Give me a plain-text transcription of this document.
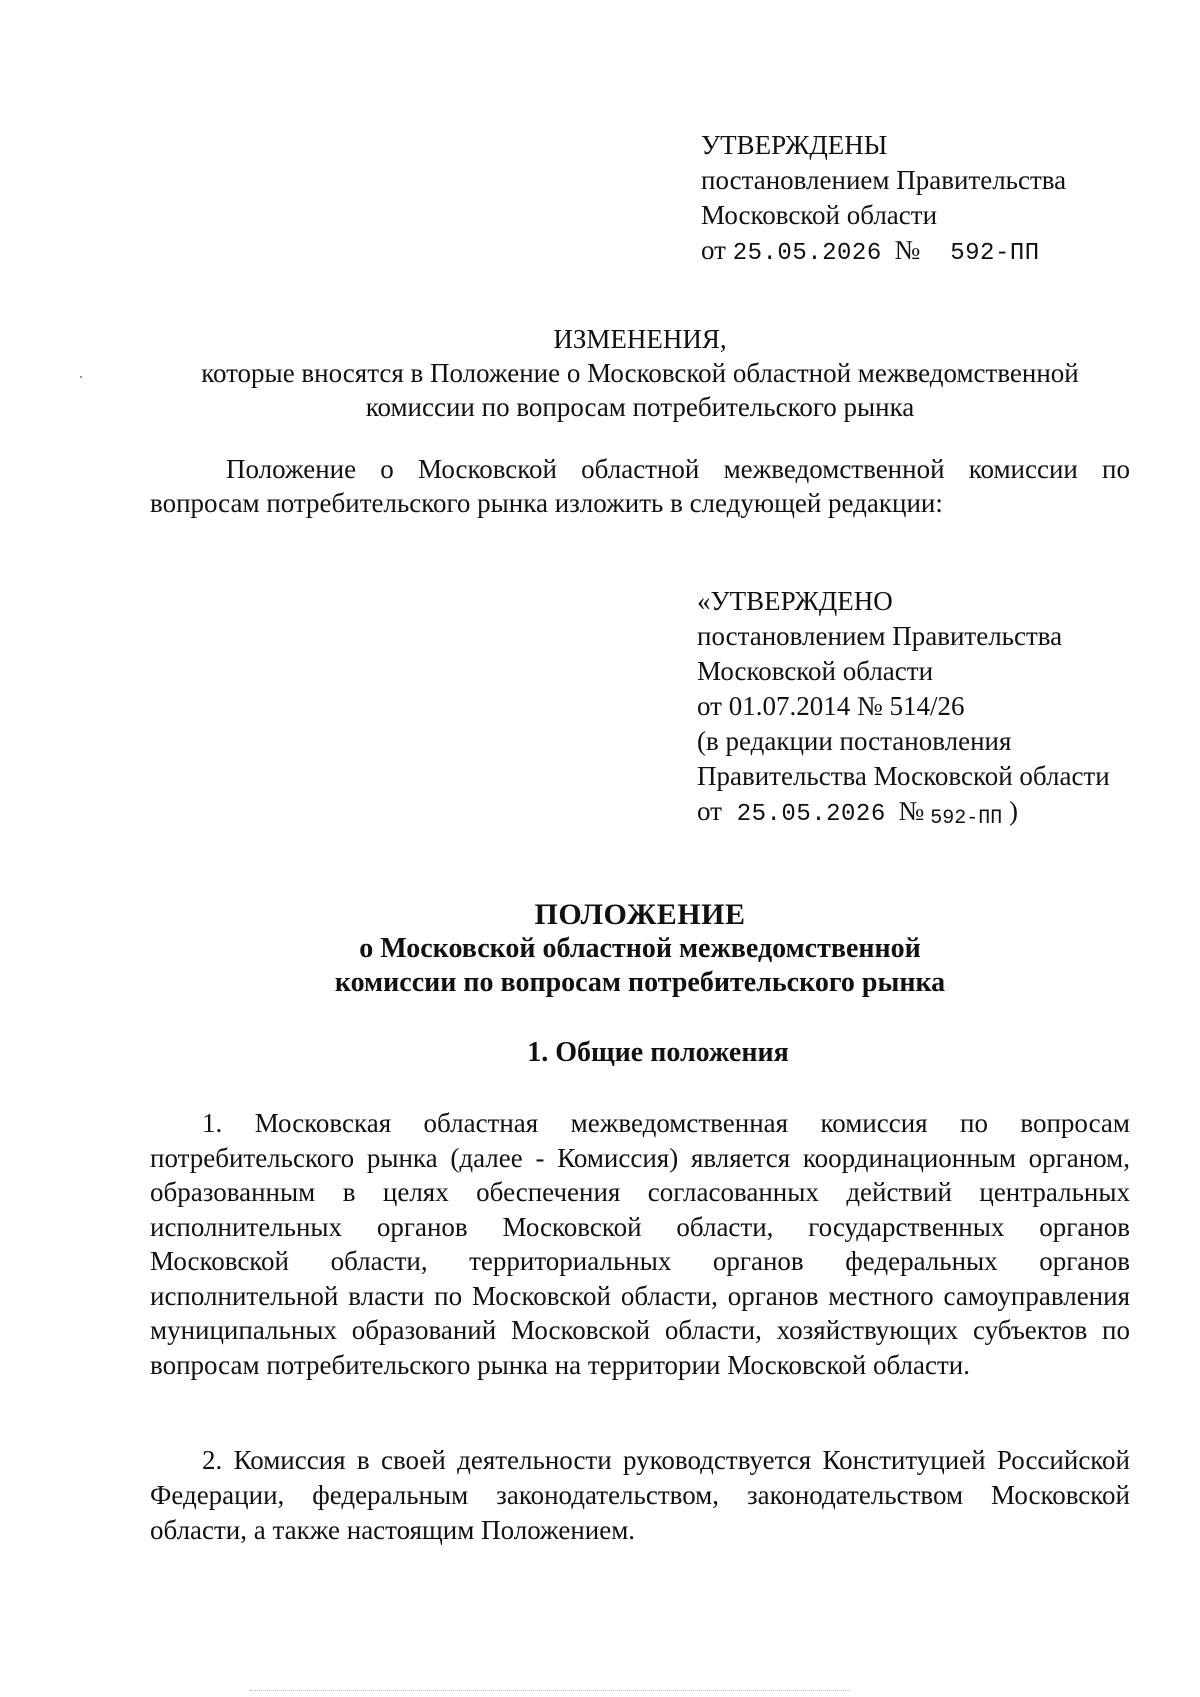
УТВЕРЖДЕНЫ
постановлением Правительства
Московской области
от 25.05.2026 № 592-ПП
ИЗМЕНЕНИЯ,
которые вносятся в Положение о Московской областной межведомственной
комиссии по вопросам потребительского рынка
Положение о Московской областной межведомственной комиссии по вопросам потребительского рынка изложить в следующей редакции:
«УТВЕРЖДЕНО
постановлением Правительства
Московской области
от 01.07.2014 № 514/26
(в редакции постановления
Правительства Московской области
от 25.05.2026 № 592-ПП )
ПОЛОЖЕНИЕ
о Московской областной межведомственной
комиссии по вопросам потребительского рынка
1. Общие положения
1. Московская областная межведомственная комиссия по вопросам потребительского рынка (далее - Комиссия) является координационным органом, образованным в целях обеспечения согласованных действий центральных исполнительных органов Московской области, государственных органов Московской области, территориальных органов федеральных органов исполнительной власти по Московской области, органов местного самоуправления муниципальных образований Московской области, хозяйствующих субъектов по вопросам потребительского рынка на территории Московской области.
2. Комиссия в своей деятельности руководствуется Конституцией Российской Федерации, федеральным законодательством, законодательством Московской области, а также настоящим Положением.
